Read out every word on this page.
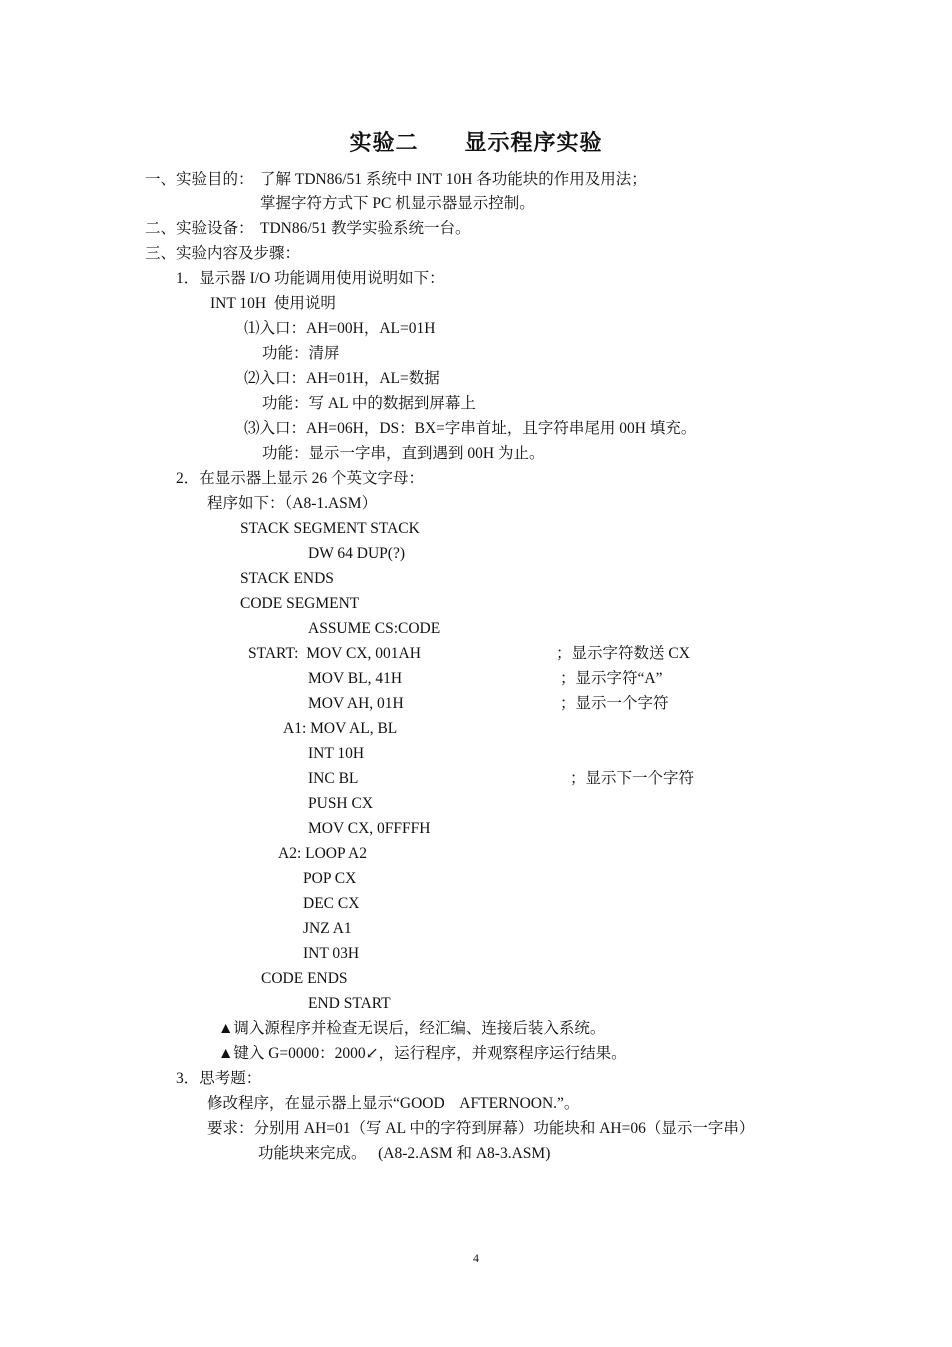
实验二 显示程序实验
一、实验目的： 了解 TDN86/51 系统中 INT 10H 各功能块的作用及用法；
掌握字符方式下 PC 机显示器显示控制。
二、实验设备： TDN86/51 教学实验系统一台。
三、实验内容及步骤：
1．显示器 I/O 功能调用使用说明如下：
INT 10H  使用说明
⑴入口：AH=00H，AL=01H
功能：清屏
⑵入口：AH=01H，AL=数据
功能：写 AL 中的数据到屏幕上
⑶入口：AH=06H，DS：BX=字串首址，且字符串尾用 00H 填充。
功能：显示一字串，直到遇到 00H 为止。
2．在显示器上显示 26 个英文字母：
程序如下：（A8-1.ASM）
STACK SEGMENT STACK
DW 64 DUP(?)
STACK ENDS
CODE SEGMENT
ASSUME CS:CODE
START:  MOV CX, 001AH	；显示字符数送 CX
MOV BL, 41H	；显示字符“A”
MOV AH, 01H	；显示一个字符
A1: MOV AL, BL
INT 10H
INC BL	；显示下一个字符
PUSH CX
MOV CX, 0FFFFH
A2: LOOP A2
POP CX
DEC CX
JNZ A1
INT 03H
CODE ENDS
END START
▲调入源程序并检查无误后，经汇编、连接后装入系统。
▲键入 G=0000：2000↙，运行程序，并观察程序运行结果。
3．思考题：
修改程序，在显示器上显示“GOOD    AFTERNOON.”。
要求：分别用 AH=01（写 AL 中的字符到屏幕）功能块和 AH=06（显示一字串）
功能块来完成。   (A8-2.ASM 和 A8-3.ASM)
4
